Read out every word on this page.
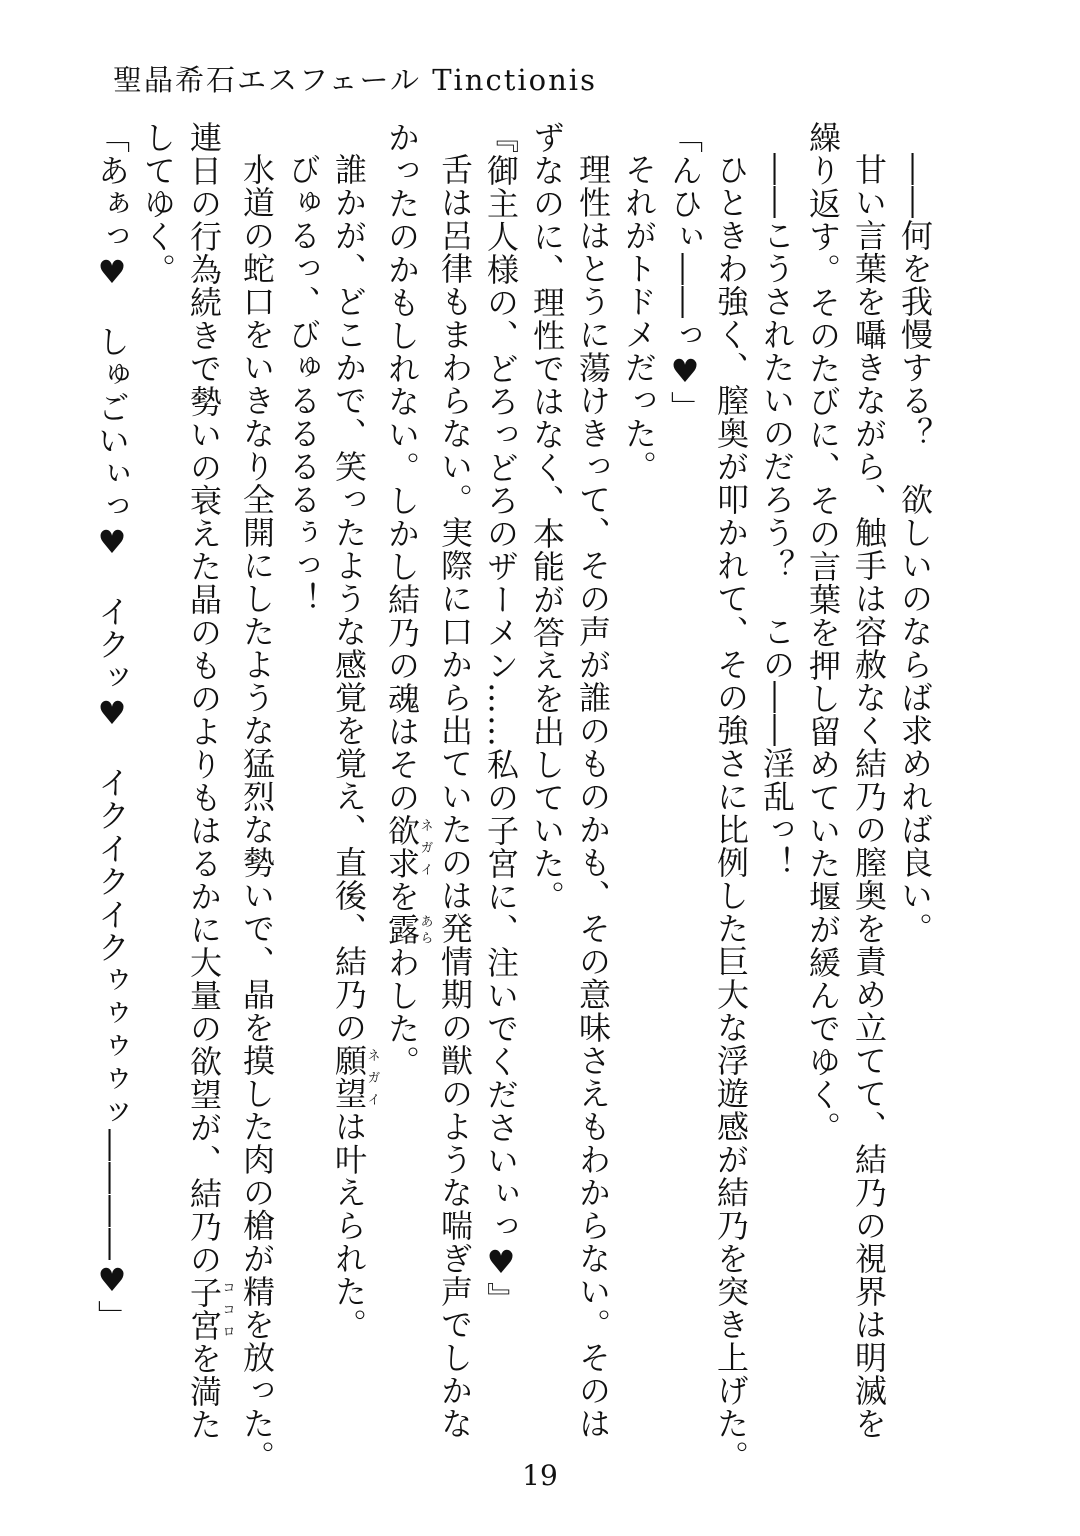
聖晶希石エスフェール Tinctionis
――何を我慢する？　欲しいのならば求めれば良い。
甘い言葉を囁きながら、触手は容赦なく結乃の膣奥を責め立てて、結乃の視界は明滅を
繰り返す。そのたびに、その言葉を押し留めていた堰が緩んでゆく。
――こうされたいのだろう？　この――淫乱っ！
ひときわ強く、膣奥が叩かれて、その強さに比例した巨大な浮遊感が結乃を突き上げた。
「んひぃ――っ♥」
それがトドメだった。
理性はとうに蕩けきって、その声が誰のものかも、その意味さえもわからない。そのは
ずなのに、理性ではなく、本能が答えを出していた。
『御主人様の、どろっどろのザーメン……私の子宮に、注いでくださいぃっ♥』
舌は呂律もまわらない。実際に口から出ていたのは発情期の獣のような喘ぎ声でしかな
かったのかもしれない。しかし結乃の魂はその欲求ネガイを露あらわした。
誰かが、どこかで、笑ったような感覚を覚え、直後、結乃の願望ネガイは叶えられた。
びゅるっ、びゅるるるるぅっ！
水道の蛇口をいきなり全開にしたような猛烈な勢いで、晶を摸した肉の槍が精を放った。
連日の行為続きで勢いの衰えた晶のものよりもはるかに大量の欲望が、結乃の子宮ココロを満た
してゆく。
「あぁっ♥　しゅごいぃっ♥　イクッ♥　イクイクイクゥゥゥゥッ――――♥」
19
